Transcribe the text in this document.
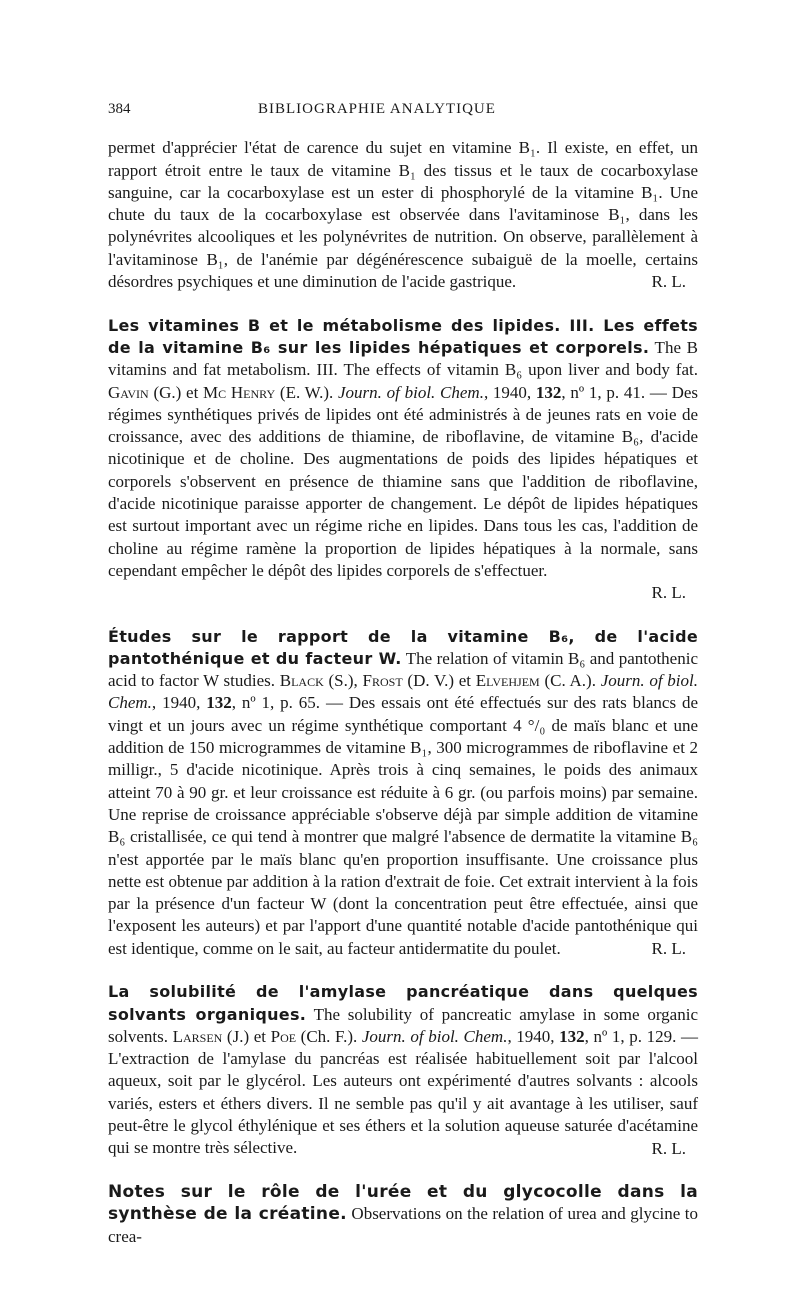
384	BIBLIOGRAPHIE ANALYTIQUE

permet d'apprécier l'état de carence du sujet en vitamine B₁. Il existe, en effet, un rapport étroit entre le taux de vitamine B₁ des tissus et le taux de cocarboxylase sanguine, car la cocarboxylase est un ester di phosphorylé de la vitamine B₁. Une chute du taux de la cocarboxylase est observée dans l'avitaminose B₁, dans les polynévrites alcooliques et les polynévrites de nutrition. On observe, parallèlement à l'avitaminose B₁, de l'anémie par dégénérescence subaiguë de la moelle, certains désordres psychiques et une diminution de l'acide gastrique.	R. L.

Les vitamines B et le métabolisme des lipides. III. Les effets de la vitamine B₆ sur les lipides hépatiques et corporels. The B vitamins and fat metabolism. III. The effects of vitamin B₆ upon liver and body fat. Gavin (G.) et Mc Henry (E. W.). Journ. of biol. Chem., 1940, 132, nº 1, p. 41. — Des régimes synthétiques privés de lipides ont été administrés à de jeunes rats en voie de croissance, avec des additions de thiamine, de riboflavine, de vitamine B₆, d'acide nicotinique et de choline. Des augmentations de poids des lipides hépatiques et corporels s'observent en présence de thiamine sans que l'addition de riboflavine, d'acide nicotinique paraisse apporter de changement. Le dépôt de lipides hépatiques est surtout important avec un régime riche en lipides. Dans tous les cas, l'addition de choline au régime ramène la proportion de lipides hépatiques à la normale, sans cependant empêcher le dépôt des lipides corporels de s'effectuer.

R. L.

Études sur le rapport de la vitamine B₆, de l'acide pantothénique et du facteur W. The relation of vitamin B₆ and pantothenic acid to factor W studies. Black (S.), Frost (D. V.) et Elvehjem (C. A.). Journ. of biol. Chem., 1940, 132, nº 1, p. 65. — Des essais ont été effectués sur des rats blancs de vingt et un jours avec un régime synthétique comportant 4 °/₀ de maïs blanc et une addition de 150 microgrammes de vitamine B₁, 300 microgrammes de riboflavine et 2 milligr., 5 d'acide nicotinique. Après trois à cinq semaines, le poids des animaux atteint 70 à 90 gr. et leur croissance est réduite à 6 gr. (ou parfois moins) par semaine. Une reprise de croissance appréciable s'observe déjà par simple addition de vitamine B₆ cristallisée, ce qui tend à montrer que malgré l'absence de dermatite la vitamine B₆ n'est apportée par le maïs blanc qu'en proportion insuffisante. Une croissance plus nette est obtenue par addition à la ration d'extrait de foie. Cet extrait intervient à la fois par la présence d'un facteur W (dont la concentration peut être effectuée, ainsi que l'exposent les auteurs) et par l'apport d'une quantité notable d'acide pantothénique qui est identique, comme on le sait, au facteur antidermatite du poulet.	R. L.

La solubilité de l'amylase pancréatique dans quelques solvants organiques. The solubility of pancreatic amylase in some organic solvents. Larsen (J.) et Poe (Ch. F.). Journ. of biol. Chem., 1940, 132, nº 1, p. 129. — L'extraction de l'amylase du pancréas est réalisée habituellement soit par l'alcool aqueux, soit par le glycérol. Les auteurs ont expérimenté d'autres solvants : alcools variés, esters et éthers divers. Il ne semble pas qu'il y ait avantage à les utiliser, sauf peut-être le glycol éthylénique et ses éthers et la solution aqueuse saturée d'acétamine qui se montre très sélective.	R. L.

Notes sur le rôle de l'urée et du glycocolle dans la synthèse de la créatine. Observations on the relation of urea and glycine to crea-
